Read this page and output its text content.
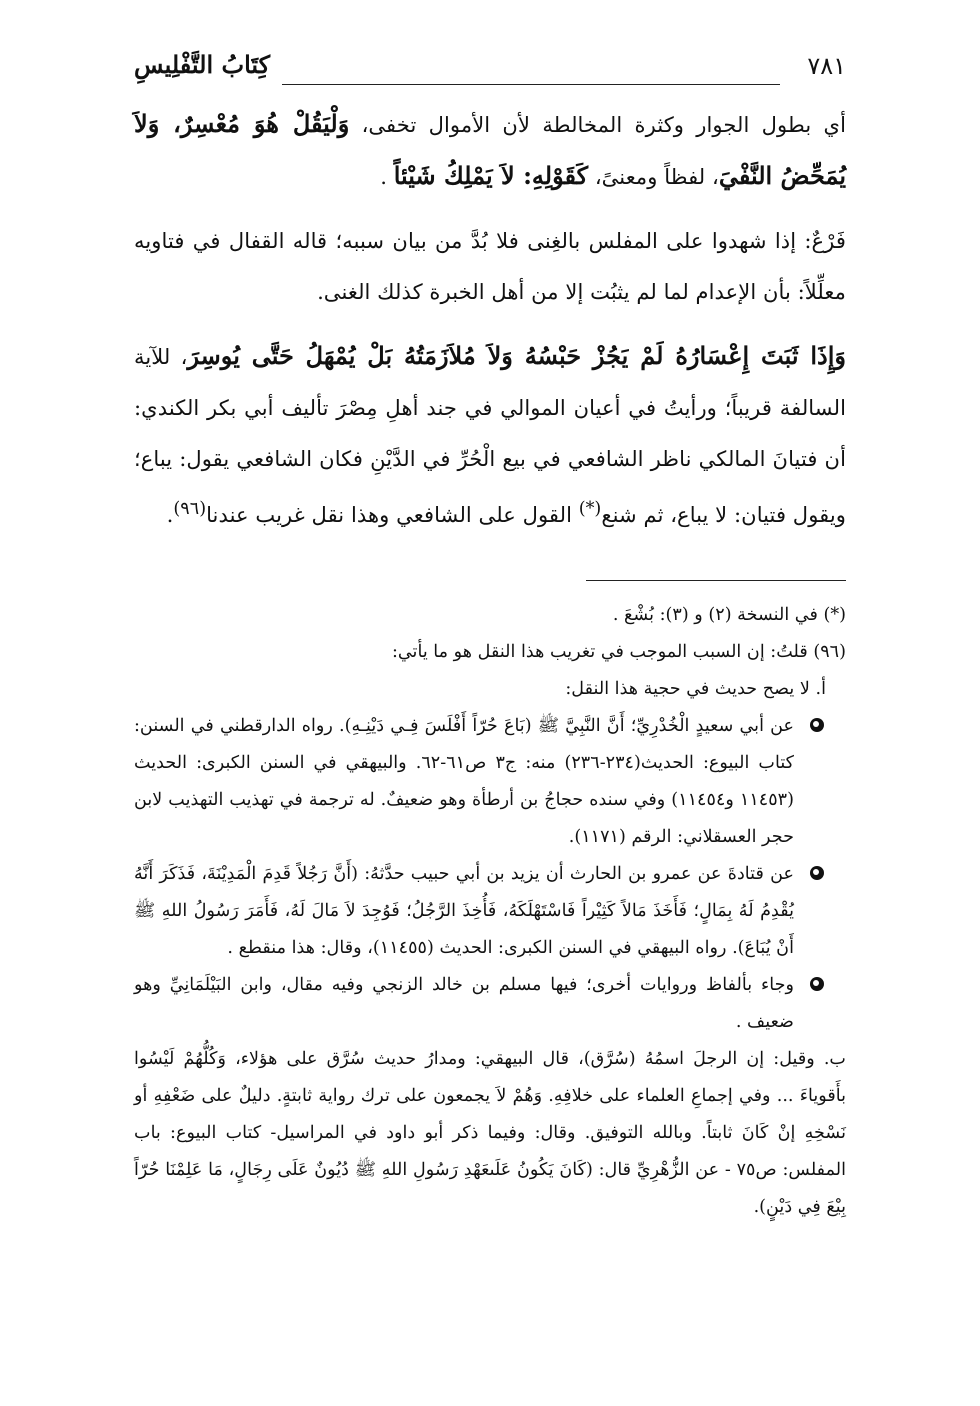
٧٨١
كِتَابُ التَّفْلِيسِ

أي بطول الجوار وكثرة المخالطة لأن الأموال تخفى، وَلْيَقُلْ هُوَ مُعْسِرٌ، وَلاَ يُمَحِّضُ النَّفْيَ، لفظاً ومعنىً، كَقَوْلِهِ: لاَ يَمْلِكُ شَيْئاً .

فَرْعٌ: إذا شهدوا على المفلس بالغِنى فلا بُدَّ من بيان سببه؛ قاله القفال في فتاويه معلِّلاً: بأن الإعدام لما لم يثبُت إلا من أهل الخبرة كذلك الغنى.

وَإِذَا ثَبَتَ إِعْسَارُهُ لَمْ يَجُزْ حَبْسُهُ وَلاَ مُلاَزَمَتُهُ بَلْ يُمْهَلُ حَتَّى يُوسِرَ، للآية السالفة قريباً؛ ورأيتُ في أعيان الموالي في جند أهلِ مِصْرَ تأليف أبي بكر الكندي: أن فتيانَ المالكي ناظر الشافعي في بيع الْحُرِّ في الدَّيْنِ فكان الشافعي يقول: يباع؛ ويقول فتيان: لا يباع، ثم شنع(*) القول على الشافعي وهذا نقل غريب عندنا$^{(٩٦)}$.

(*) في النسخة (٢) و (٣): بُشْعَ .

(٩٦) قلتُ: إن السبب الموجب في تغريب هذا النقل هو ما يأتي:

أ. لا يصح حديث في حجية هذا النقل:

عن أبي سعيدٍ الْخُدْرِيِّ؛ أَنَّ النَّبِيَّ ﷺ (بَاعَ حُرّاً أَفْلَسَ فِـي دَيْنِـهِ). رواه الدارقطني في السنن: كتاب البيوع: الحديث(٢٣٤-٢٣٦) منه: ج٣ ص٦١-٦٢. والبيهقي في السنن الكبرى: الحديث (١١٤٥٣ و١١٤٥٤) وفي سنده حجاجُ بن أرطأة وهو ضعيفٌ. له ترجمة في تهذيب التهذيب لابن حجر العسقلاني: الرقم (١١٧١).

عن قتادةَ عن عمرو بن الحارث أن يزيد بن أبي حبيب حدَّثهُ: (أَنَّ رَجُلاً قَدِمَ الْمَدِيْنَةَ، فَذَكَرَ أَنَّهُ يُقْدِمُ لَهُ بِمَالٍ؛ فَأَخَذَ مَالاً كَثِيْراً فَاسْتَهْلَكَهُ، فَأُخِذَ الرَّجُلُ؛ فَوُجِدَ لاَ مَالَ لَهُ، فَأَمَرَ رَسُولُ اللهِ ﷺ أَنْ يُبَاعَ). رواه البيهقي في السنن الكبرى: الحديث (١١٤٥٥)، وقال: هذا منقطع .

وجاء بألفاظ وروايات أخرى؛ فيها مسلم بن خالد الزنجي وفيه مقال، وابن البَيْلَمَانِيِّ وهو ضعيف .

ب. وقيل: إن الرجلَ اسمُهُ (سُرَّق)، قال البيهقي: ومدارُ حديث سُرَّق على هؤلاء، وَكُلُّهُمْ لَيْسُوا بأَقوياءَ ... وفي إجماعِ العلماء على خلافِهِ. وَهُمْ لاَ يجمعون على ترك رواية ثابتةٍ. دليلٌ على ضَعْفِهِ أو نَسْخِهِ إنْ كَانَ ثابتاً. وبالله التوفيق. وقال: وفيما ذكر أبو داود في المراسيل- كتاب البيوع: باب المفلس: ص٧٥ - عن الزُّهْرِيِّ قال: (كَانَ يَكُونُ عَلَىعَهْدِ رَسُولِ اللهِ ﷺ دُيُونٌ عَلَى رِجَالٍ، مَا عَلِمْنَا حُرّاً بِيْعَ فِي دَيْنٍ).
